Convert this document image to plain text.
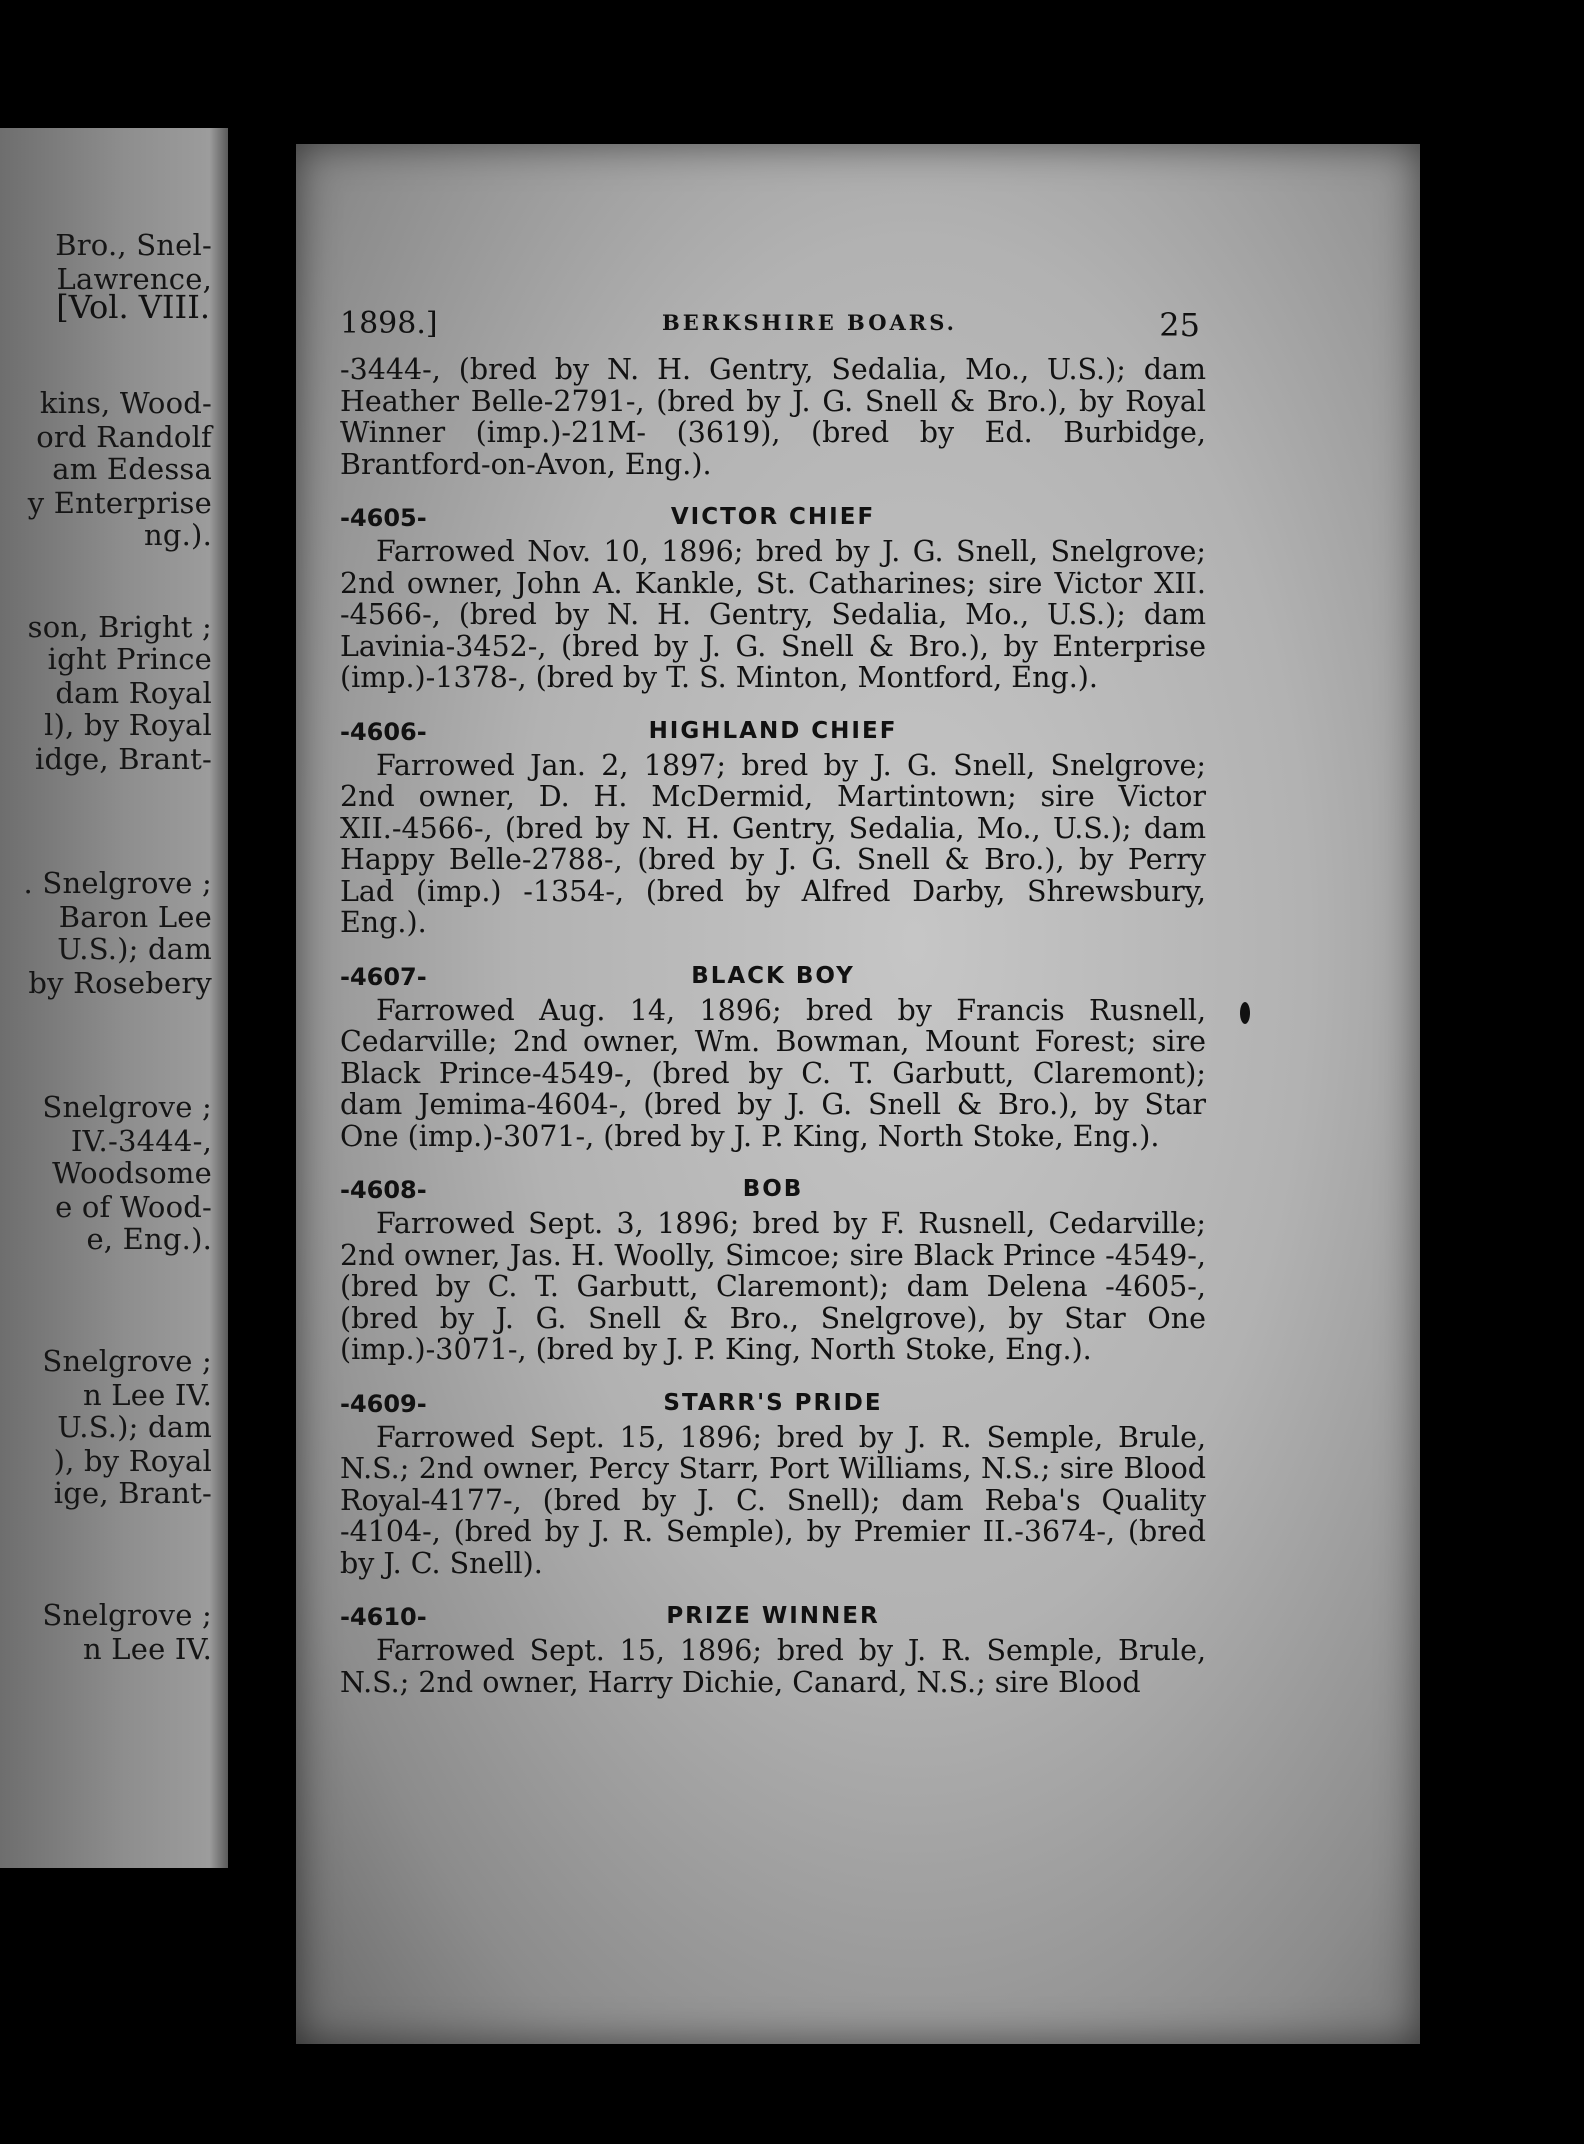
[Vol. VIII.
Bro., Snel-
Lawrence,
kins, Wood-
ord Randolf
am Edessa
y Enterprise
ng.).
son, Bright ;
ight Prince
dam Royal
l), by Royal
idge, Brant-
. Snelgrove ;
Baron Lee
U.S.); dam
by Rosebery
Snelgrove ;
IV.-3444-,
Woodsome
e of Wood-
e, Eng.).
Snelgrove ;
n Lee IV.
U.S.); dam
), by Royal
ige, Brant-
Snelgrove ;
n Lee IV.
1898.]	BERKSHIRE BOARS.	25

-3444-, (bred by N. H. Gentry, Sedalia, Mo., U.S.); dam Heather Belle-2791-, (bred by J. G. Snell & Bro.), by Royal Winner (imp.)-21M- (3619), (bred by Ed. Burbidge, Brantford-on-Avon, Eng.).

-4605-	VICTOR CHIEF

Farrowed Nov. 10, 1896; bred by J. G. Snell, Snelgrove; 2nd owner, John A. Kankle, St. Catharines; sire Victor XII. -4566-, (bred by N. H. Gentry, Sedalia, Mo., U.S.); dam Lavinia-3452-, (bred by J. G. Snell & Bro.), by Enterprise (imp.)-1378-, (bred by T. S. Minton, Montford, Eng.).

-4606-	HIGHLAND CHIEF

Farrowed Jan. 2, 1897; bred by J. G. Snell, Snelgrove; 2nd owner, D. H. McDermid, Martintown; sire Victor XII.-4566-, (bred by N. H. Gentry, Sedalia, Mo., U.S.); dam Happy Belle-2788-, (bred by J. G. Snell & Bro.), by Perry Lad (imp.) -1354-, (bred by Alfred Darby, Shrewsbury, Eng.).

-4607-	BLACK BOY

Farrowed Aug. 14, 1896; bred by Francis Rusnell, Cedarville; 2nd owner, Wm. Bowman, Mount Forest; sire Black Prince-4549-, (bred by C. T. Garbutt, Claremont); dam Jemima-4604-, (bred by J. G. Snell & Bro.), by Star One (imp.)-3071-, (bred by J. P. King, North Stoke, Eng.).

-4608-	BOB

Farrowed Sept. 3, 1896; bred by F. Rusnell, Cedarville; 2nd owner, Jas. H. Woolly, Simcoe; sire Black Prince -4549-, (bred by C. T. Garbutt, Claremont); dam Delena -4605-, (bred by J. G. Snell & Bro., Snelgrove), by Star One (imp.)-3071-, (bred by J. P. King, North Stoke, Eng.).

-4609-	STARR'S PRIDE

Farrowed Sept. 15, 1896; bred by J. R. Semple, Brule, N.S.; 2nd owner, Percy Starr, Port Williams, N.S.; sire Blood Royal-4177-, (bred by J. C. Snell); dam Reba's Quality -4104-, (bred by J. R. Semple), by Premier II.-3674-, (bred by J. C. Snell).

-4610-	PRIZE WINNER

Farrowed Sept. 15, 1896; bred by J. R. Semple, Brule, N.S.; 2nd owner, Harry Dichie, Canard, N.S.; sire Blood
